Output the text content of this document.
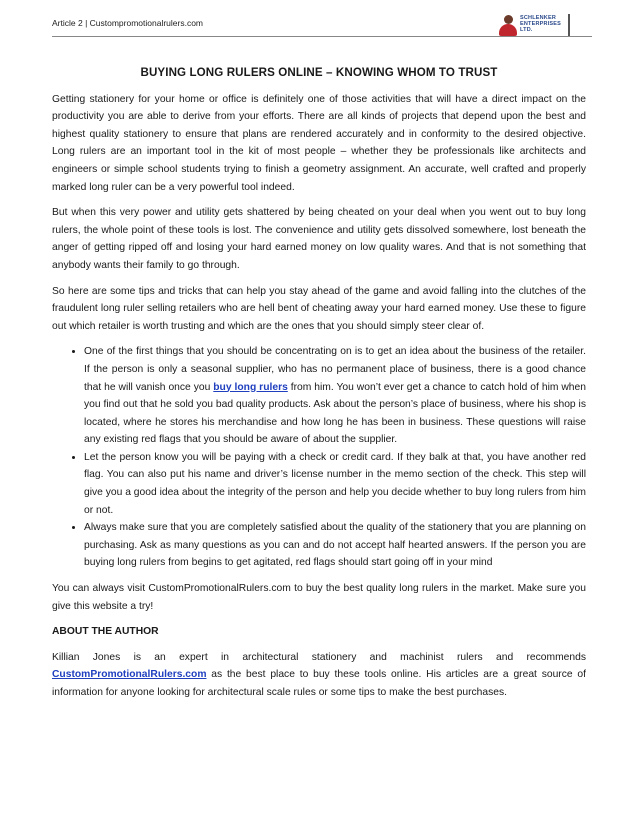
Article 2 | Custompromotionalrulers.com	SCHLENKER ENTERPRISES LTD.
BUYING LONG RULERS ONLINE – KNOWING WHOM TO TRUST

Getting stationery for your home or office is definitely one of those activities that will have a direct impact on the productivity you are able to derive from your efforts. There are all kinds of projects that depend upon the best and highest quality stationery to ensure that plans are rendered accurately and in conformity to the desired objective. Long rulers are an important tool in the kit of most people – whether they be professionals like architects and engineers or simple school students trying to finish a geometry assignment. An accurate, well crafted and properly marked long ruler can be a very powerful tool indeed.

But when this very power and utility gets shattered by being cheated on your deal when you went out to buy long rulers, the whole point of these tools is lost. The convenience and utility gets dissolved somewhere, lost beneath the anger of getting ripped off and losing your hard earned money on low quality wares. And that is not something that anybody wants their family to go through.

So here are some tips and tricks that can help you stay ahead of the game and avoid falling into the clutches of the fraudulent long ruler selling retailers who are hell bent of cheating away your hard earned money. Use these to figure out which retailer is worth trusting and which are the ones that you should simply steer clear of.

• One of the first things that you should be concentrating on is to get an idea about the business of the retailer. If the person is only a seasonal supplier, who has no permanent place of business, there is a good chance that he will vanish once you buy long rulers from him. You won’t ever get a chance to catch hold of him when you find out that he sold you bad quality products. Ask about the person’s place of business, where his shop is located, where he stores his merchandise and how long he has been in business. These questions will raise any existing red flags that you should be aware of about the supplier.
• Let the person know you will be paying with a check or credit card. If they balk at that, you have another red flag. You can also put his name and driver’s license number in the memo section of the check. This step will give you a good idea about the integrity of the person and help you decide whether to buy long rulers from him or not.
• Always make sure that you are completely satisfied about the quality of the stationery that you are planning on purchasing. Ask as many questions as you can and do not accept half hearted answers. If the person you are buying long rulers from begins to get agitated, red flags should start going off in your mind

You can always visit CustomPromotionalRulers.com to buy the best quality long rulers in the market. Make sure you give this website a try!

ABOUT THE AUTHOR

Killian Jones is an expert in architectural stationery and machinist rulers and recommends CustomPromotionalRulers.com as the best place to buy these tools online. His articles are a great source of information for anyone looking for architectural scale rules or some tips to make the best purchases.
